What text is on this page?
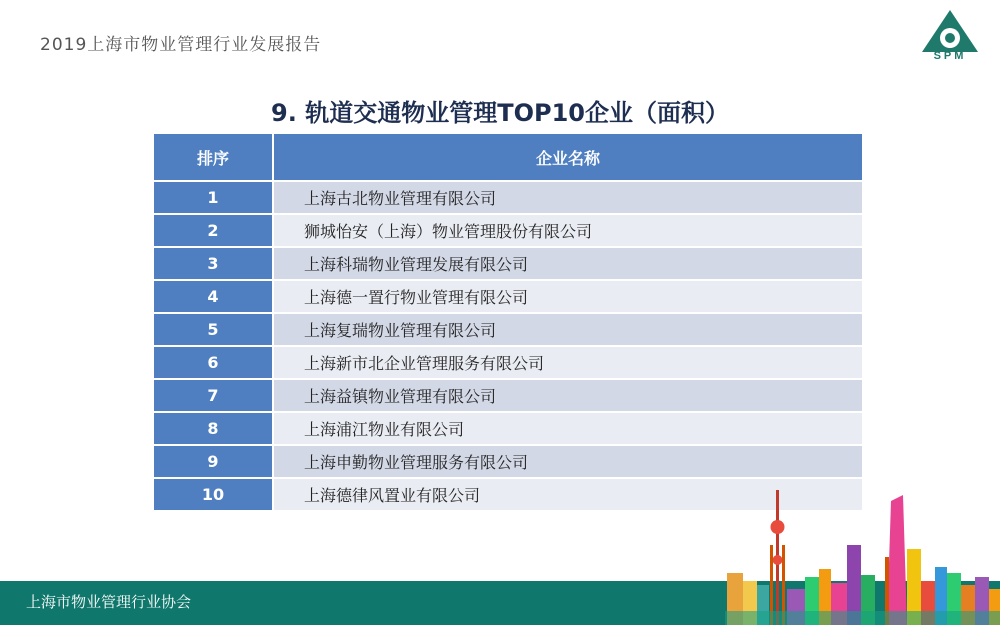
2019上海市物业管理行业发展报告
SPM
9. 轨道交通物业管理TOP10企业（面积）
排序	企业名称
1	上海古北物业管理有限公司
2	狮城怡安（上海）物业管理股份有限公司
3	上海科瑞物业管理发展有限公司
4	上海德一置行物业管理有限公司
5	上海复瑞物业管理有限公司
6	上海新市北企业管理服务有限公司
7	上海益镇物业管理有限公司
8	上海浦江物业有限公司
9	上海申勤物业管理服务有限公司
10	上海德律风置业有限公司
上海市物业管理行业协会
